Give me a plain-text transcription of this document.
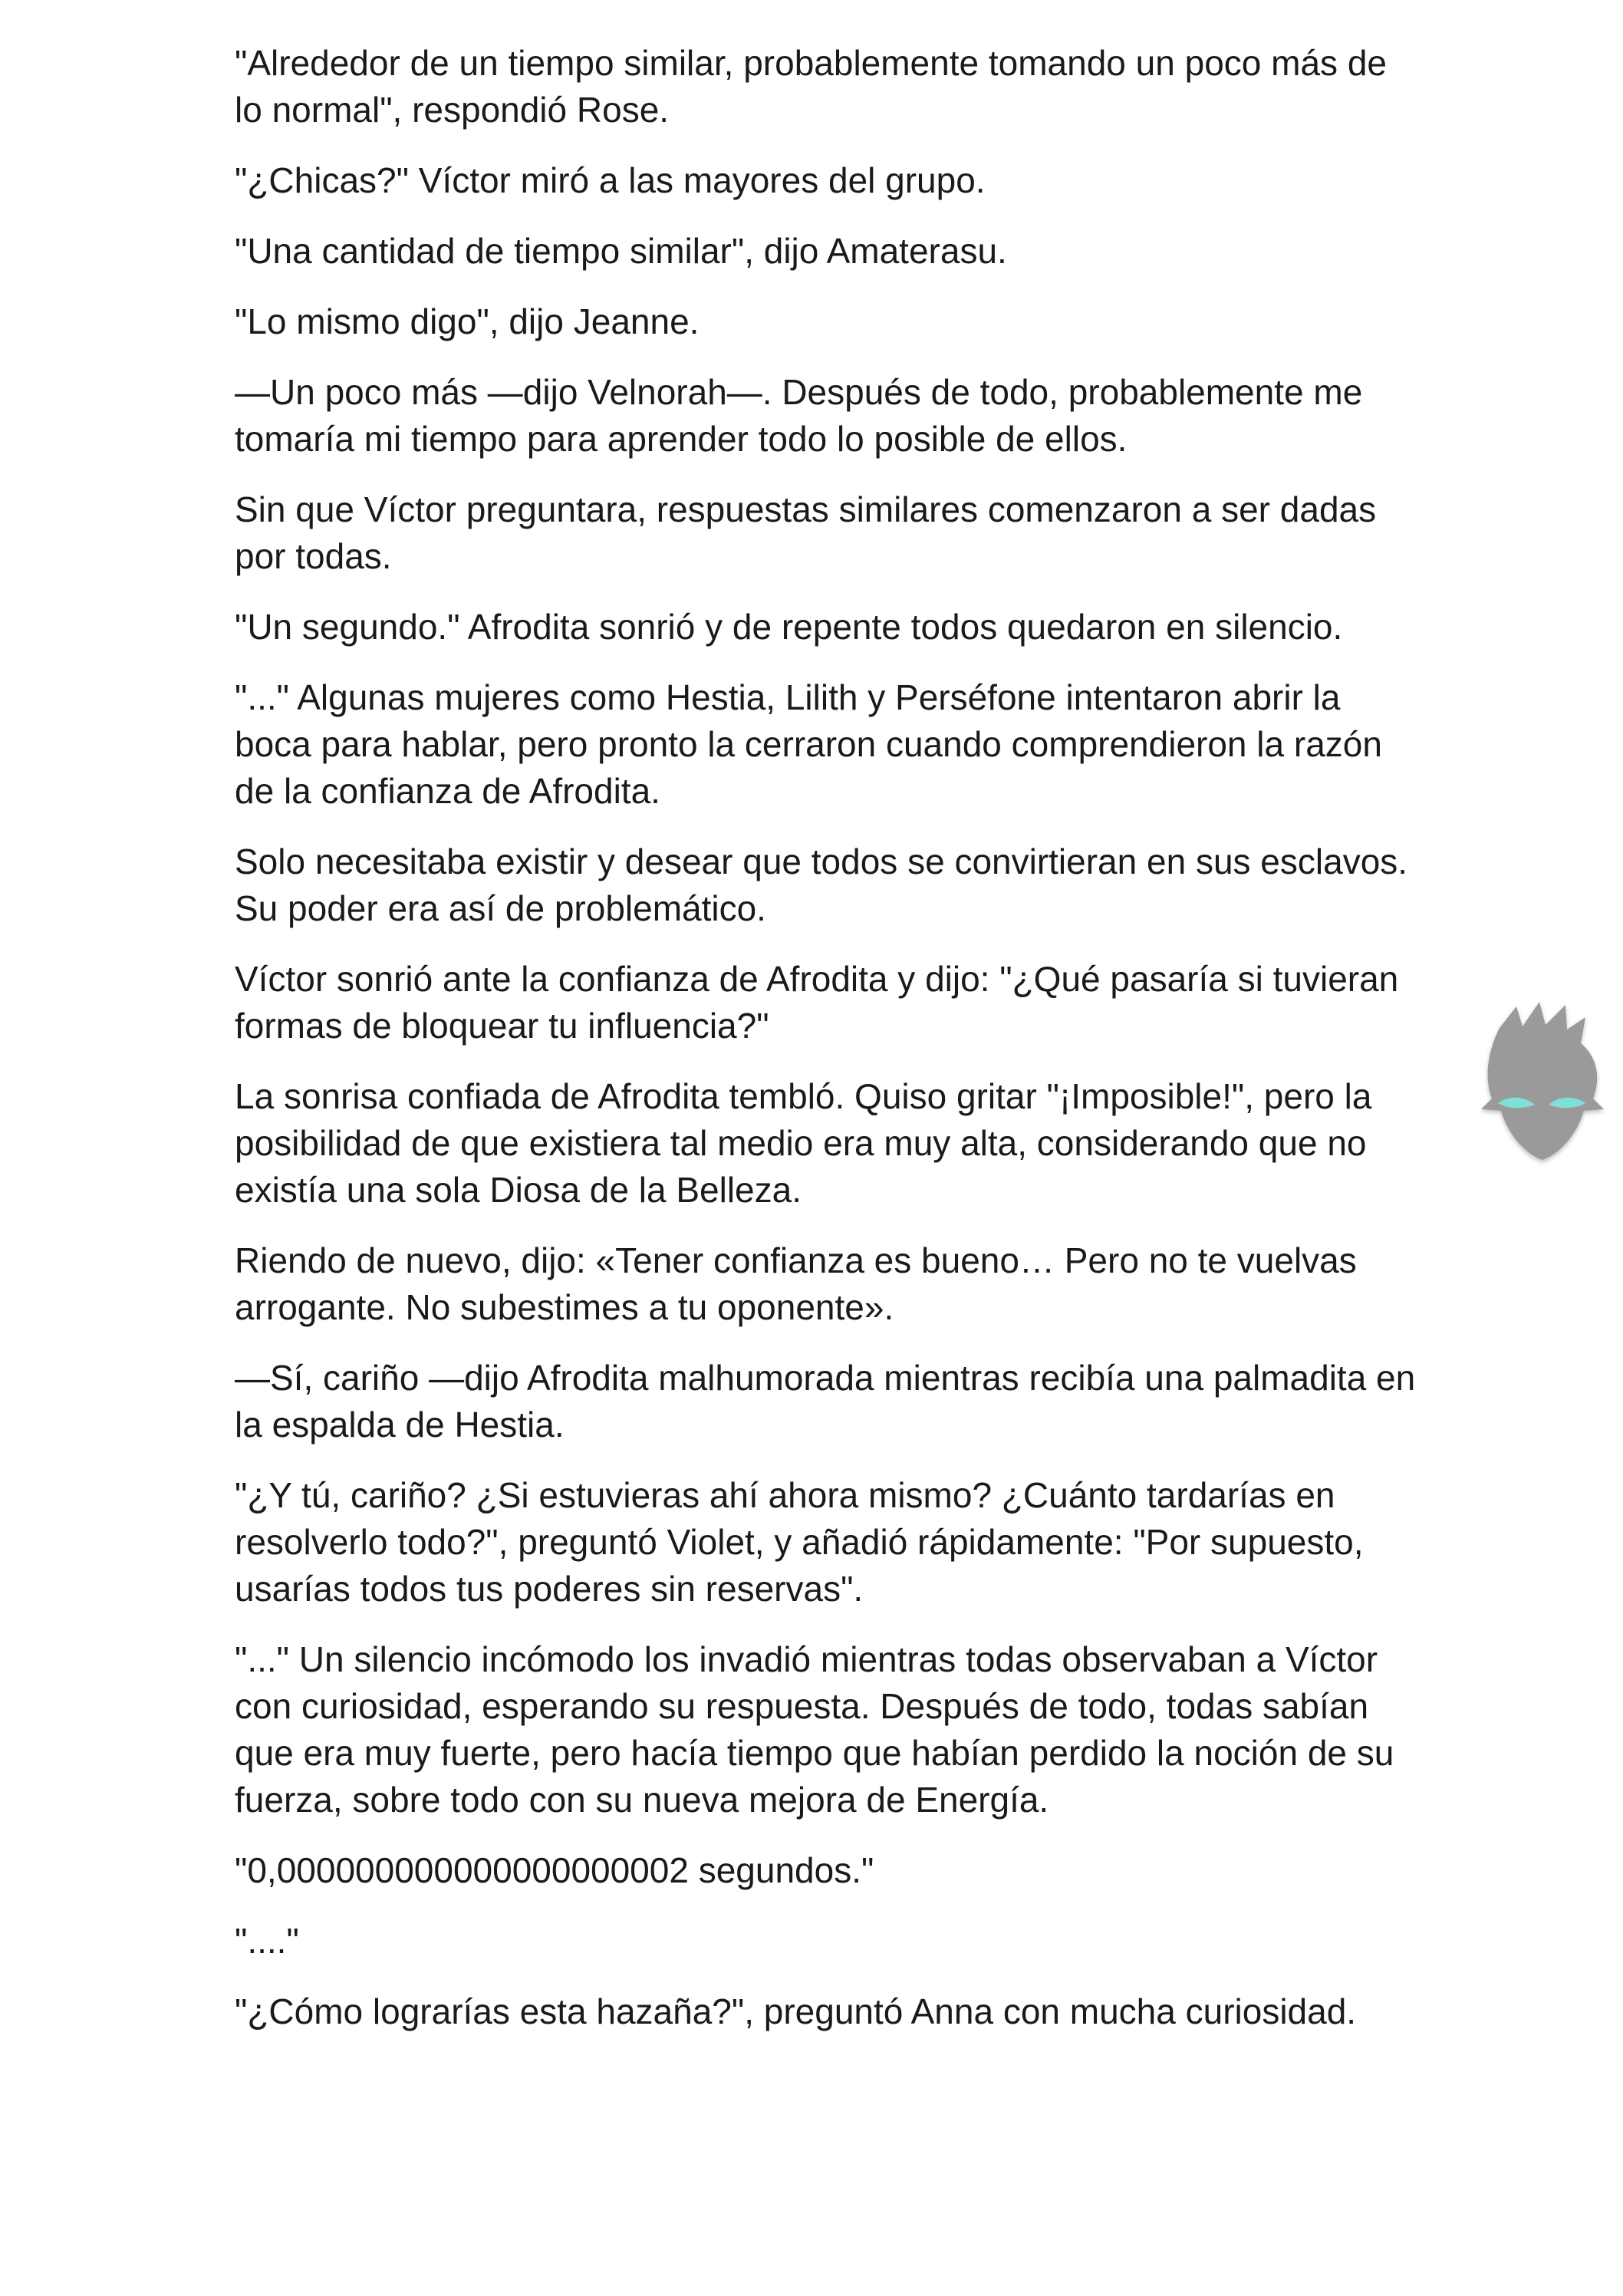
"Alrededor de un tiempo similar, probablemente tomando un poco más de lo normal", respondió Rose.

"¿Chicas?" Víctor miró a las mayores del grupo.

"Una cantidad de tiempo similar", dijo Amaterasu.

"Lo mismo digo", dijo Jeanne.

—Un poco más —dijo Velnorah—. Después de todo, probablemente me tomaría mi tiempo para aprender todo lo posible de ellos.

Sin que Víctor preguntara, respuestas similares comenzaron a ser dadas por todas.

"Un segundo." Afrodita sonrió y de repente todos quedaron en silencio.

"..." Algunas mujeres como Hestia, Lilith y Perséfone intentaron abrir la boca para hablar, pero pronto la cerraron cuando comprendieron la razón de la confianza de Afrodita.

Solo necesitaba existir y desear que todos se convirtieran en sus esclavos. Su poder era así de problemático.

Víctor sonrió ante la confianza de Afrodita y dijo: "¿Qué pasaría si tuvieran formas de bloquear tu influencia?"

La sonrisa confiada de Afrodita tembló. Quiso gritar "¡Imposible!", pero la posibilidad de que existiera tal medio era muy alta, considerando que no existía una sola Diosa de la Belleza.

Riendo de nuevo, dijo: «Tener confianza es bueno… Pero no te vuelvas arrogante. No subestimes a tu oponente».

—Sí, cariño —dijo Afrodita malhumorada mientras recibía una palmadita en la espalda de Hestia.

"¿Y tú, cariño? ¿Si estuvieras ahí ahora mismo? ¿Cuánto tardarías en resolverlo todo?", preguntó Violet, y añadió rápidamente: "Por supuesto, usarías todos tus poderes sin reservas".

"..." Un silencio incómodo los invadió mientras todas observaban a Víctor con curiosidad, esperando su respuesta. Después de todo, todas sabían que era muy fuerte, pero hacía tiempo que habían perdido la noción de su fuerza, sobre todo con su nueva mejora de Energía.

"0,000000000000000000002 segundos."

"...."

"¿Cómo lograrías esta hazaña?", preguntó Anna con mucha curiosidad.
